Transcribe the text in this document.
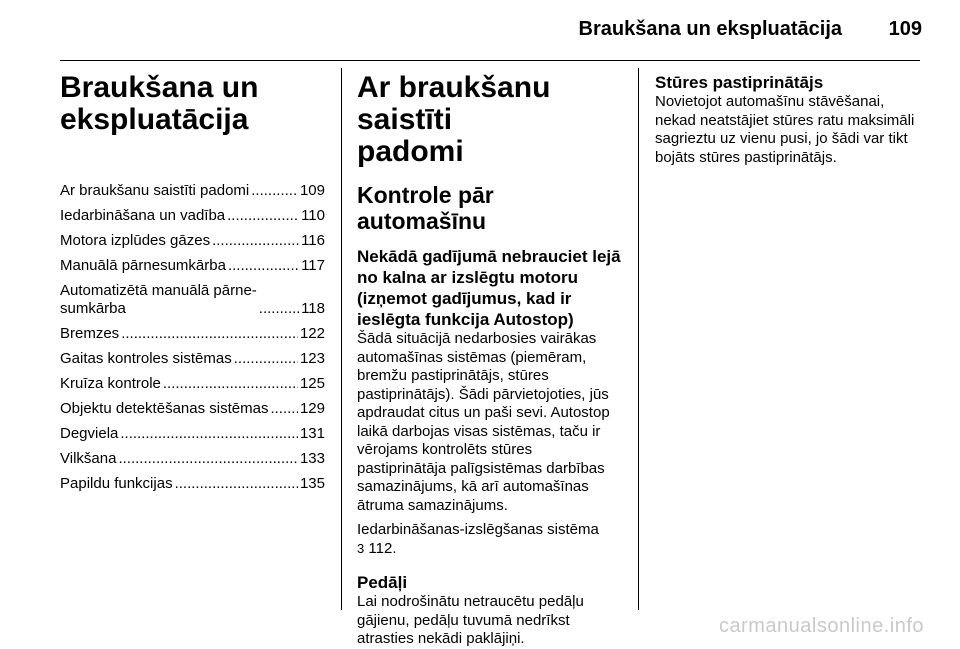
Braukšana un ekspluatācija 109
Braukšana un
ekspluatācija
Ar braukšanu saistīti padomi .....	109
Iedarbināšana un vadība .....	110
Motora izplūdes gāzes .....	116
Manuālā pārnesumkārba .....	117
Automatizētā manuālā pārne-
sumkārba .....	118
Bremzes .....	122
Gaitas kontroles sistēmas .....	123
Kruīza kontrole .....	125
Objektu detektēšanas sistēmas ..... 129
Degviela .....	131
Vilkšana .....	133
Papildu funkcijas .....	135
Ar braukšanu saistīti
padomi
Kontrole pār automašīnu
Nekādā gadījumā nebrauciet lejā no kalna ar izslēgtu motoru (izņemot gadījumus, kad ir ieslēgta funkcija Autostop)

Šādā situācijā nedarbosies vairākas automašīnas sistēmas (piemēram, bremžu pastiprinātājs, stūres pastiprinātājs). Šādi pārvietojoties, jūs apdraudat citus un paši sevi. Autostop laikā darbojas visas sistēmas, taču ir vērojams kontrolēts stūres pastiprinātāja palīgsistēmas darbības samazinājums, kā arī automašīnas ātruma samazinājums.

Iedarbināšanas-izslēgšanas sistēma
3 112.

Pedāļi

Lai nodrošinātu netraucētu pedāļu gājienu, pedāļu tuvumā nedrīkst atrasties nekādi paklājiņi.

Stūres pastiprinātājs

Novietojot automašīnu stāvēšanai, nekad neatstājiet stūres ratu maksimāli sagrieztu uz vienu pusi, jo šādi var tikt bojāts stūres pastiprinātājs.

carmanualsonline.info
